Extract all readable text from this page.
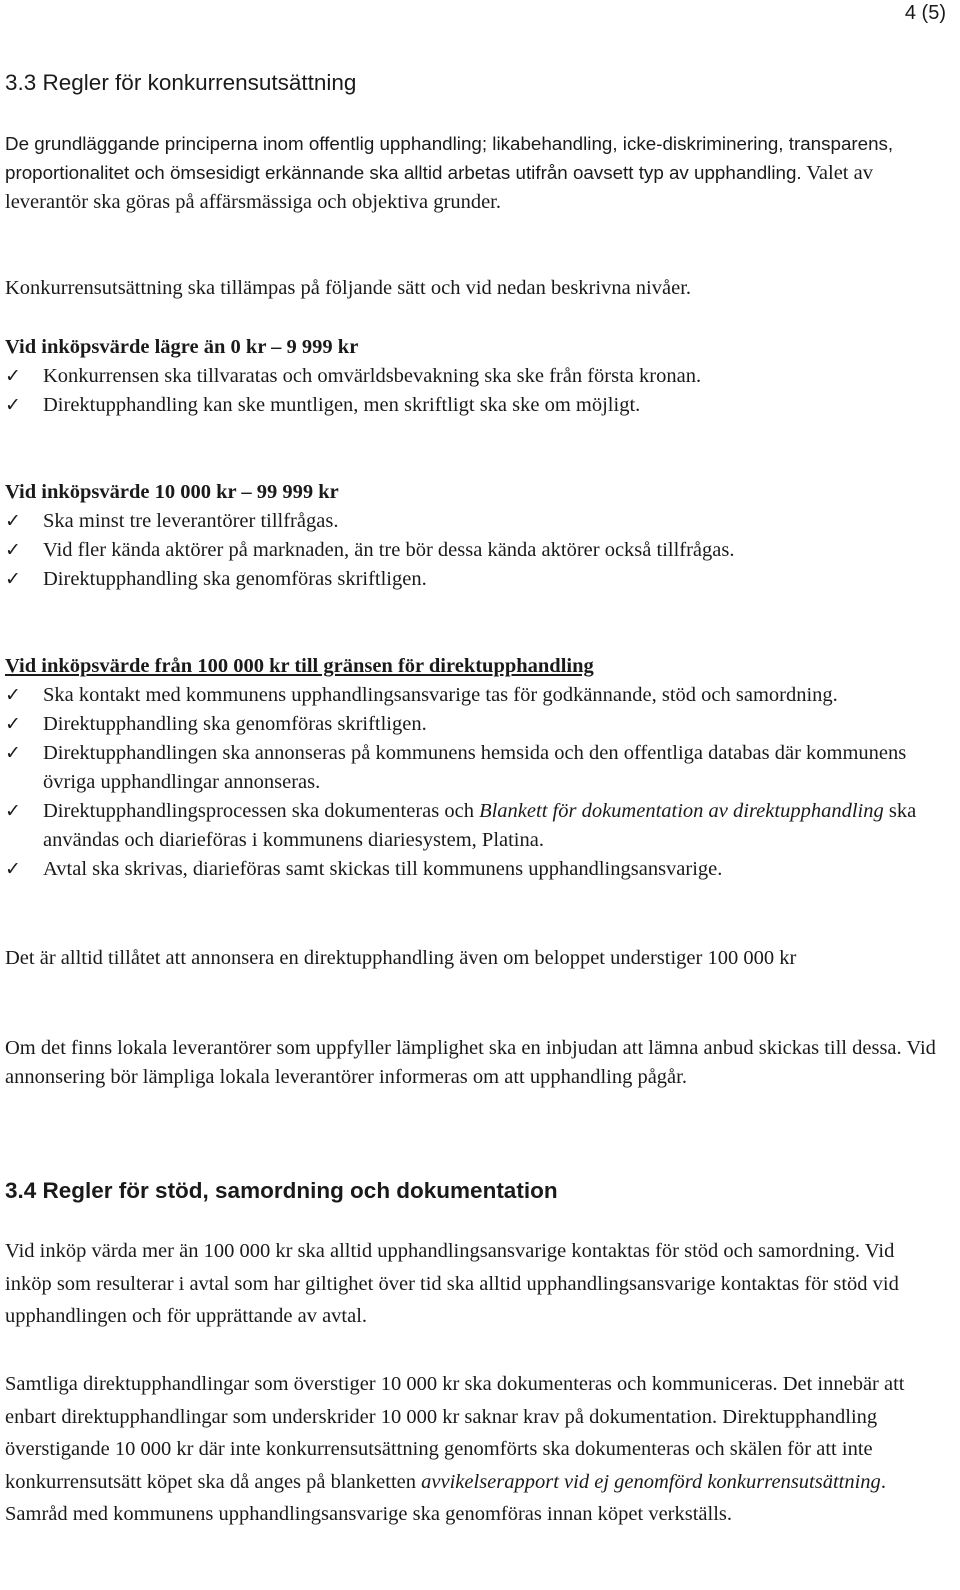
4 (5)
3.3 Regler för konkurrensutsättning

De grundläggande principerna inom offentlig upphandling; likabehandling, icke-diskriminering, transparens, proportionalitet och ömsesidigt erkännande ska alltid arbetas utifrån oavsett typ av upphandling. Valet av leverantör ska göras på affärsmässiga och objektiva grunder.

Konkurrensutsättning ska tillämpas på följande sätt och vid nedan beskrivna nivåer.

Vid inköpsvärde lägre än 0 kr – 9 999 kr

✓ Konkurrensen ska tillvaratas och omvärldsbevakning ska ske från första kronan.
✓ Direktupphandling kan ske muntligen, men skriftligt ska ske om möjligt.

Vid inköpsvärde 10 000 kr – 99 999 kr

✓ Ska minst tre leverantörer tillfrågas.
✓ Vid fler kända aktörer på marknaden, än tre bör dessa kända aktörer också tillfrågas.
✓ Direktupphandling ska genomföras skriftligen.

Vid inköpsvärde från 100 000 kr till gränsen för direktupphandling

✓ Ska kontakt med kommunens upphandlingsansvarige tas för godkännande, stöd och samordning.
✓ Direktupphandling ska genomföras skriftligen.
✓ Direktupphandlingen ska annonseras på kommunens hemsida och den offentliga databas där kommunens övriga upphandlingar annonseras.
✓ Direktupphandlingsprocessen ska dokumenteras och Blankett för dokumentation av direktupphandling ska användas och diarieföras i kommunens diariesystem, Platina.
✓ Avtal ska skrivas, diarieföras samt skickas till kommunens upphandlingsansvarige.

Det är alltid tillåtet att annonsera en direktupphandling även om beloppet understiger 100 000 kr

Om det finns lokala leverantörer som uppfyller lämplighet ska en inbjudan att lämna anbud skickas till dessa. Vid annonsering bör lämpliga lokala leverantörer informeras om att upphandling pågår.

3.4 Regler för stöd, samordning och dokumentation

Vid inköp värda mer än 100 000 kr ska alltid upphandlingsansvarige kontaktas för stöd och samordning. Vid inköp som resulterar i avtal som har giltighet över tid ska alltid upphandlingsansvarige kontaktas för stöd vid upphandlingen och för upprättande av avtal.

Samtliga direktupphandlingar som överstiger 10 000 kr ska dokumenteras och kommuniceras. Det innebär att enbart direktupphandlingar som underskrider 10 000 kr saknar krav på dokumentation. Direktupphandling överstigande 10 000 kr där inte konkurrensutsättning genomförts ska dokumenteras och skälen för att inte konkurrensutsätt köpet ska då anges på blanketten avvikelserapport vid ej genomförd konkurrensutsättning. Samråd med kommunens upphandlingsansvarige ska genomföras innan köpet verkställs.
